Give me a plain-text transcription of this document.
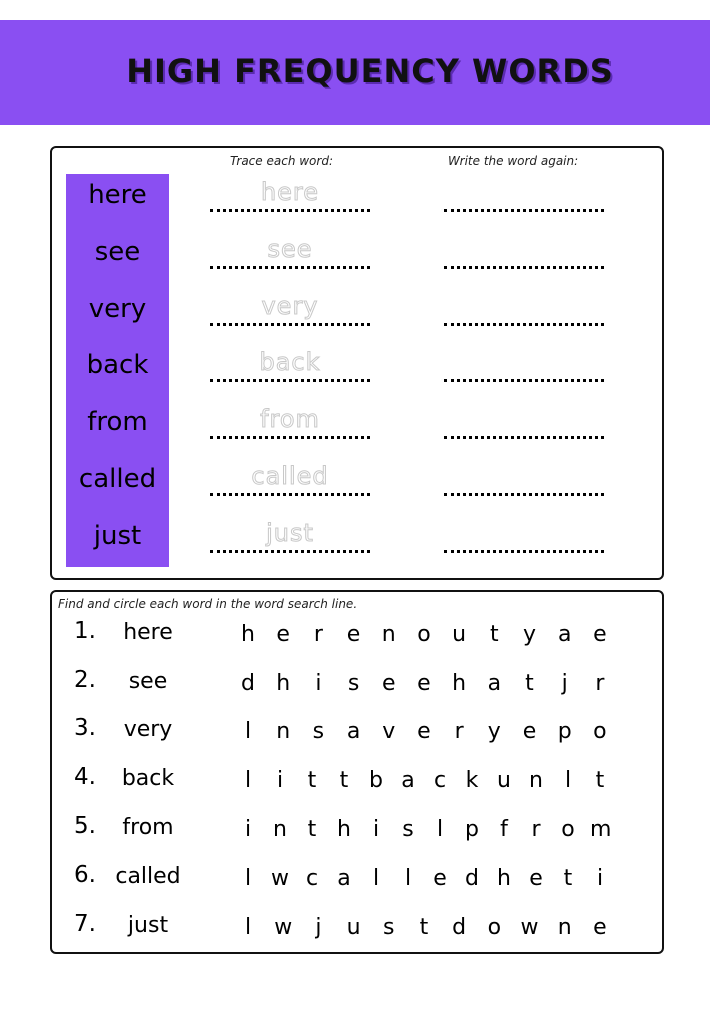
HIGH FREQUENCY WORDS
Trace each word:	Write the word again:
here	here
see	see
very	very
back	back
from	from
called	called
just	just
Find and circle each word in the word search line.
1.	here	h e r e n o u t y a e
2.	see	d h	i	s e e h a t	j	r
3.	very	l	n s a v e r y e p o
4.	back	l	i	t t b a c k u n l	t
5.	from	i n t h i	s	l p f r o m
6. called	l w c a	l	l	e d h e t	i
7.	just	l	w	j	u s t d o w n e
